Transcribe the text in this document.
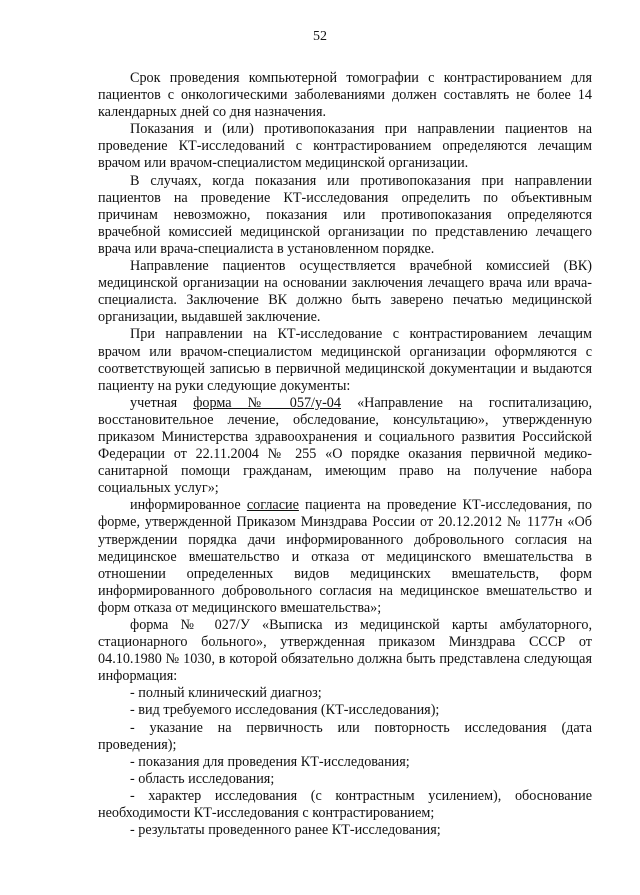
52

Срок проведения компьютерной томографии с контрастированием для пациентов с онкологическими заболеваниями должен составлять не более 14 календарных дней со дня назначения.

Показания и (или) противопоказания при направлении пациентов на проведение КТ-исследований с контрастированием определяются лечащим врачом или врачом-специалистом медицинской организации.

В случаях, когда показания или противопоказания при направлении пациентов на проведение КТ-исследования определить по объективным причинам невозможно, показания или противопоказания определяются врачебной комиссией медицинской организации по представлению лечащего врача или врача-специалиста в установленном порядке.

Направление пациентов осуществляется врачебной комиссией (ВК) медицинской организации на основании заключения лечащего врача или врача-специалиста. Заключение ВК должно быть заверено печатью медицинской организации, выдавшей заключение.

При направлении на КТ-исследование с контрастированием лечащим врачом или врачом-специалистом медицинской организации оформляются с соответствующей записью в первичной медицинской документации и выдаются пациенту на руки следующие документы:

учетная форма № 057/у-04 «Направление на госпитализацию, восстановительное лечение, обследование, консультацию», утвержденную приказом Министерства здравоохранения и социального развития Российской Федерации от 22.11.2004 № 255 «О порядке оказания первичной медико-санитарной помощи гражданам, имеющим право на получение набора социальных услуг»;

информированное согласие пациента на проведение КТ-исследования, по форме, утвержденной Приказом Минздрава России от 20.12.2012 № 1177н «Об утверждении порядка дачи информированного добровольного согласия на медицинское вмешательство и отказа от медицинского вмешательства в отношении определенных видов медицинских вмешательств, форм информированного добровольного согласия на медицинское вмешательство и форм отказа от медицинского вмешательства»;

форма № 027/У «Выписка из медицинской карты амбулаторного, стационарного больного», утвержденная приказом Минздрава СССР от 04.10.1980 № 1030, в которой обязательно должна быть представлена следующая информация:

- полный клинический диагноз;

- вид требуемого исследования (КТ-исследования);

- указание на первичность или повторность исследования (дата проведения);

- показания для проведения КТ-исследования;

- область исследования;

- характер исследования (с контрастным усилением), обоснование необходимости КТ-исследования с контрастированием;

- результаты проведенного ранее КТ-исследования;
